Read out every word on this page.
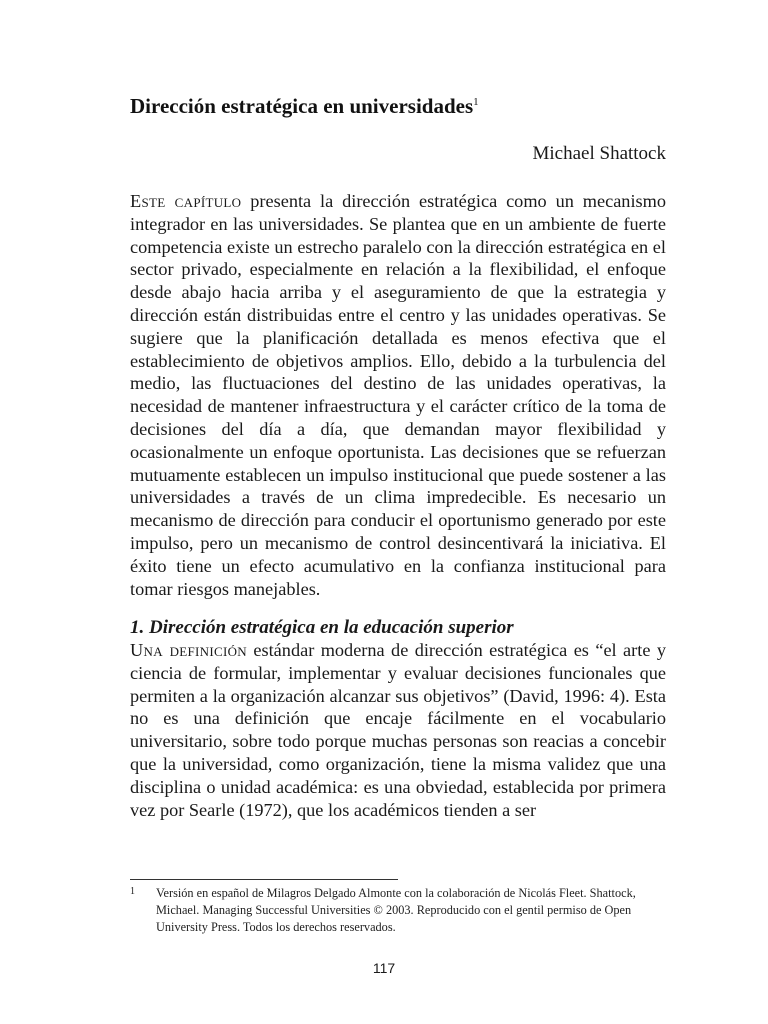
Dirección estratégica en universidades$^1$
Michael Shattock
Este capítulo presenta la dirección estratégica como un mecanismo integrador en las universidades. Se plantea que en un ambiente de fuerte competencia existe un estrecho paralelo con la dirección estratégica en el sector privado, especialmente en relación a la flexibilidad, el enfoque desde abajo hacia arriba y el aseguramiento de que la estrategia y dirección están distribuidas entre el centro y las unidades operativas. Se sugiere que la planificación detallada es menos efectiva que el establecimiento de objetivos amplios. Ello, debido a la turbulencia del medio, las fluctuaciones del destino de las unidades operativas, la necesidad de mantener infraestructura y el carácter crítico de la toma de decisiones del día a día, que demandan mayor flexibilidad y ocasionalmente un enfoque oportunista. Las decisiones que se refuerzan mutuamente establecen un impulso institucional que puede sostener a las universidades a través de un clima impredecible. Es necesario un mecanismo de dirección para conducir el oportunismo generado por este impulso, pero un mecanismo de control desincentivará la iniciativa. El éxito tiene un efecto acumulativo en la confianza institucional para tomar riesgos manejables.
1. Dirección estratégica en la educación superior
Una definición estándar moderna de dirección estratégica es “el arte y ciencia de formular, implementar y evaluar decisiones funcionales que permiten a la organización alcanzar sus objetivos” (David, 1996: 4). Esta no es una definición que encaje fácilmente en el vocabulario universitario, sobre todo porque muchas personas son reacias a concebir que la universidad, como organización, tiene la misma validez que una disciplina o unidad académica: es una obviedad, establecida por primera vez por Searle (1972), que los académicos tienden a ser
1 Versión en español de Milagros Delgado Almonte con la colaboración de Nicolás Fleet. Shattock, Michael. Managing Successful Universities © 2003. Reproducido con el gentil permiso de Open University Press. Todos los derechos reservados.
117
